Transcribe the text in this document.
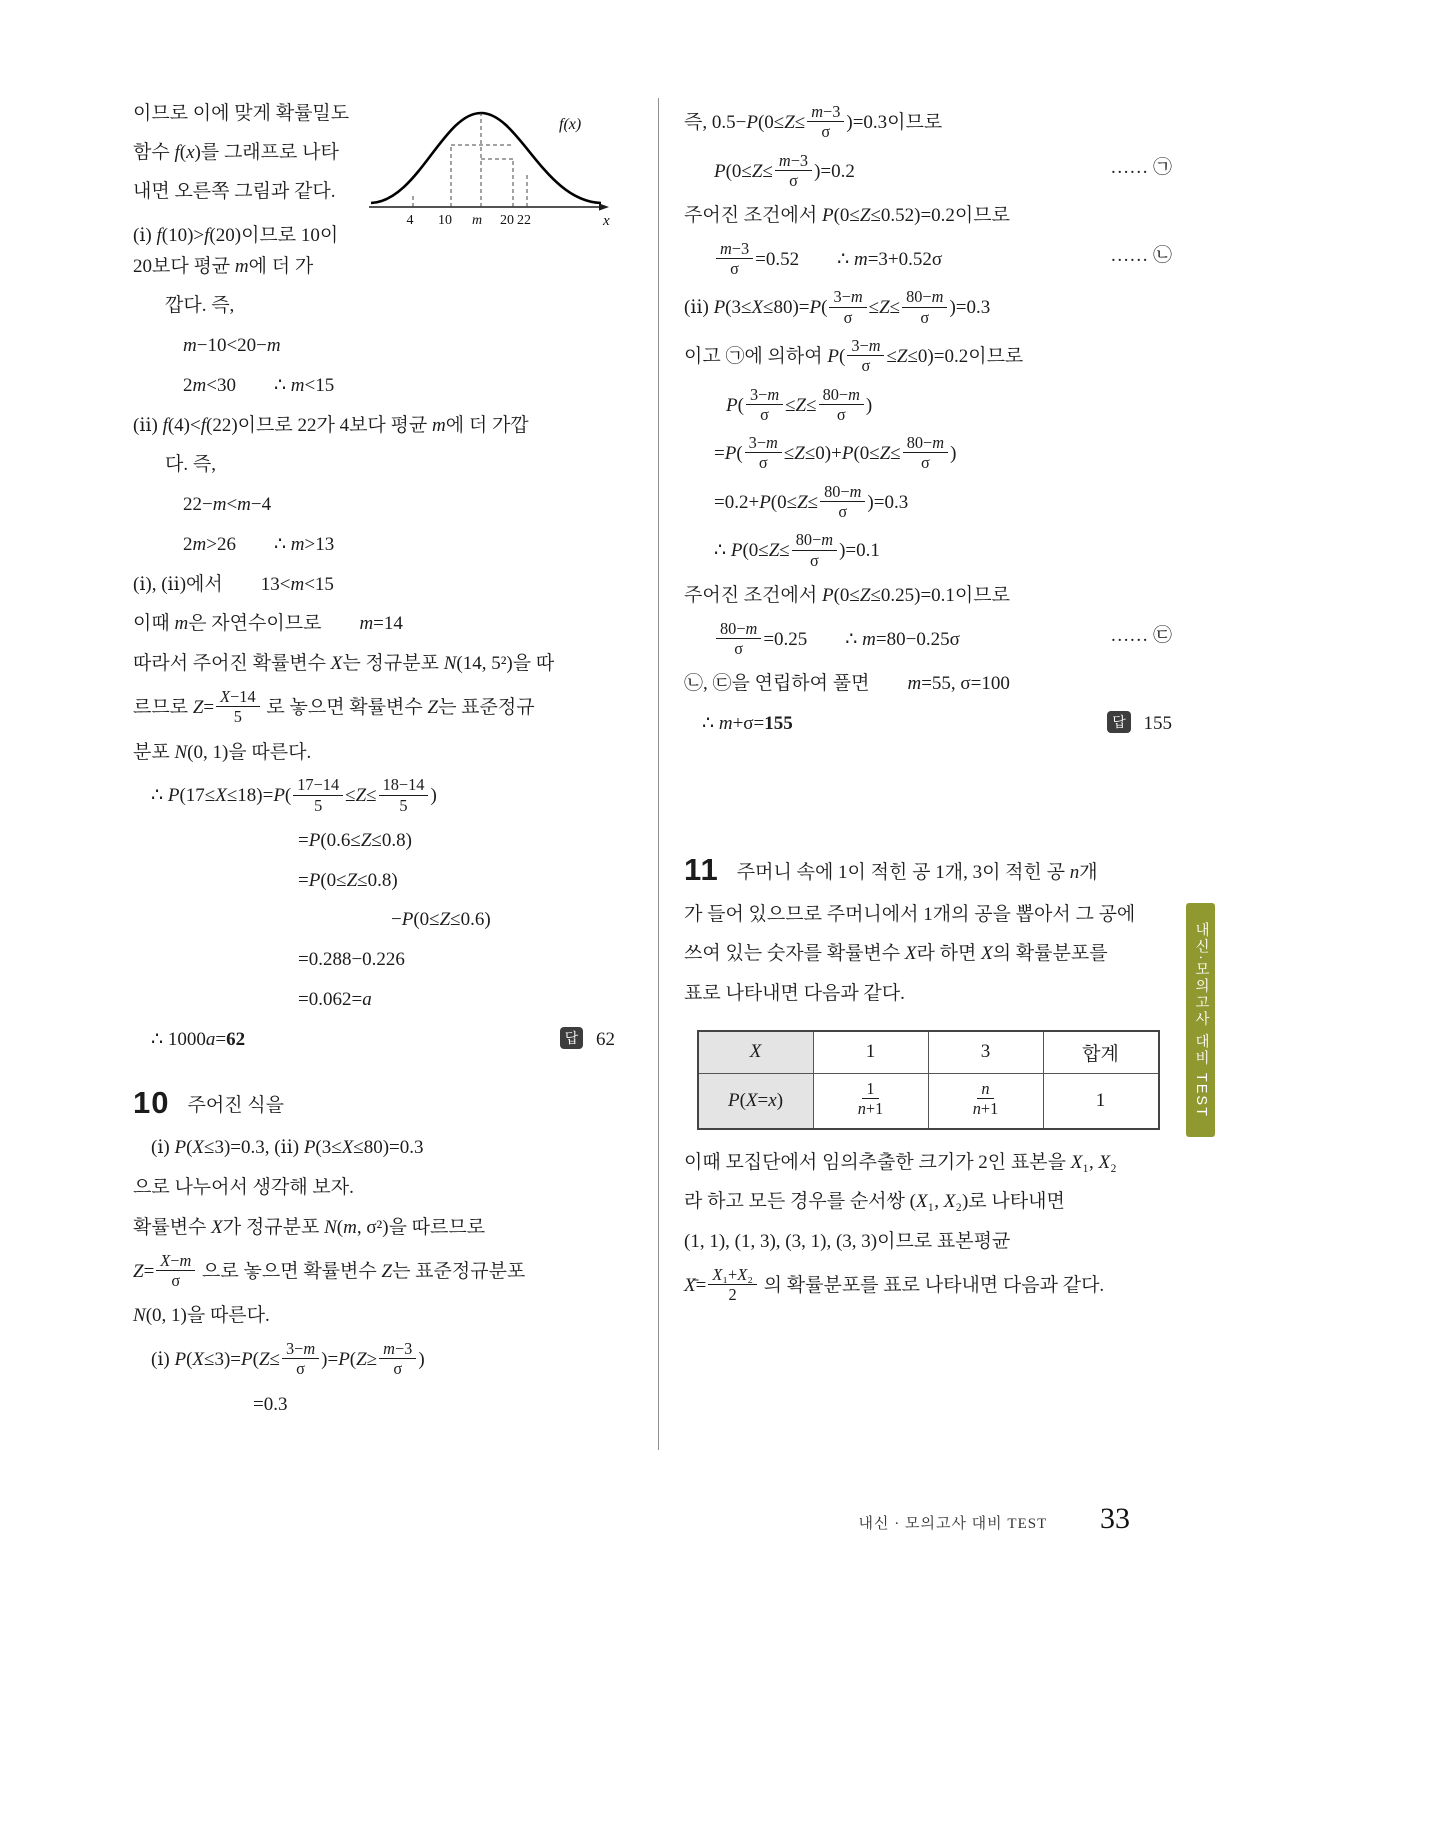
f(x)
4 10 m 20 22	x
이므로 이에 맞게 확률밀도함수 f(x)를 그래프로 나타내면 오른쪽 그림과 같다.
(ⅰ) f(10)>f(20)이므로 10이 20보다 평균 m에 더 가
깝다. 즉,
m−10<20−m
2m<30        ∴ m<15
(ⅱ) f(4)<f(22)이므로 22가 4보다 평균 m에 더 가깝
다. 즉,
22−m<m−4
2m>26        ∴ m>13
(ⅰ), (ⅱ)에서        13<m<15
이때 m은 자연수이므로        m=14
따라서 주어진 확률변수 X는 정규분포 N(14, 5²)을 따
르므로 $Z= \frac{X-14}{5}$ 로 놓으면 확률변수 Z는 표준정규
분포 N(0, 1)을 따른다.
∴ $P(17\le X\le 18)=P( \frac{17-14}{5} \le Z\le \frac{18-14}{5}$ )
=P(0.6≤Z≤0.8)
=P(0≤Z≤0.8)
−P(0≤Z≤0.6)
=0.288−0.226
=0.062=a
∴ 1000a=62	답 62
10 주어진 식을
(ⅰ) P(X≤3)=0.3, (ⅱ) P(3≤X≤80)=0.3
으로 나누어서 생각해 보자.
확률변수 X가 정규분포 N(m, σ²)을 따르므로
$Z= \frac{X-m}{\sigma}$ 으로 놓으면 확률변수 Z는 표준정규분포
N(0, 1)을 따른다.
(ⅰ) $P(X\le 3)=P(Z\le \frac{3-m}{\sigma} )=P(Z\ge \frac{m-3}{\sigma}$ )
=0.3
즉, $0.5-P(0\le Z\le \frac{m-3}{\sigma} )=0.3$이므로
$P(0\le Z\le \frac{m-3}{\sigma} )=0.2$	…… ㉠
주어진 조건에서 P(0≤Z≤0.52)=0.2이므로
$\frac{m-3}{\sigma} =0.52$        ∴ m=3+0.52σ	…… ㉡
(ⅱ) $P(3\le X\le 80)=P( \frac{3-m}{\sigma} \le Z\le \frac{80-m}{\sigma} )=0.3$
이고 ㉠에 의하여 $P( \frac{3-m}{\sigma} \le Z\le 0)=0.2$이므로
$P( \frac{3-m}{\sigma} \le Z\le \frac{80-m}{\sigma}$ )
$=P( \frac{3-m}{\sigma} \le Z\le 0)+P(0\le Z\le \frac{80-m}{\sigma}$ )
$=0.2+P(0\le Z\le \frac{80-m}{\sigma} )=0.3$
∴ $P(0\le Z\le \frac{80-m}{\sigma} )=0.1$
주어진 조건에서 P(0≤Z≤0.25)=0.1이므로
$\frac{80-m}{\sigma} =0.25$        ∴ m=80−0.25σ	…… ㉢
㉡, ㉢을 연립하여 풀면        m=55, σ=100
∴ m+σ=155	답 155
11 주머니 속에 1이 적힌 공 1개, 3이 적힌 공 n개
가 들어 있으므로 주머니에서 1개의 공을 뽑아서 그 공에
쓰여 있는 숫자를 확률변수 X라 하면 X의 확률분포를
표로 나타내면 다음과 같다.
X	1	3	합계
P(X=x)	$\frac{1}{n+1}$	$\frac{n}{n+1}$	1
이때 모집단에서 임의추출한 크기가 2인 표본을 X₁, X₂
라 하고 모든 경우를 순서쌍 (X₁, X₂)로 나타내면
(1, 1), (1, 3), (3, 1), (3, 3)이므로 표본평균
X̄= $\frac{\text{X₁+X₂}}{2}$ 의 확률분포를 표로 나타내면 다음과 같다.
내신·모의고사 대비 TEST
내신 · 모의고사 대비 TEST 33
